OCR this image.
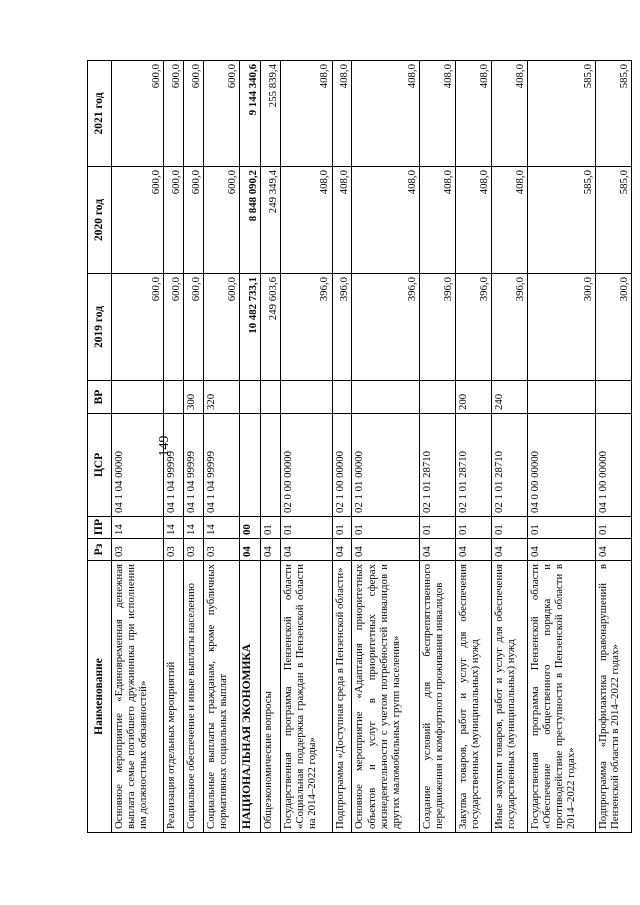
149
Наименование	Рз	ПР	ЦСР	ВР	2019 год	2020 год	2021 год
Основное мероприятие «Единовременная денежная выплата семье погибшего дружинника при исполнении им должностных обязанностей»	03	14	04 1 04 00000		600,0	600,0	600,0
Реализация отдельных мероприятий	03	14	04 1 04 99999		600,0	600,0	600,0
Социальное обеспечение и иные выплаты населению	03	14	04 1 04 99999	300	600,0	600,0	600,0
Социальные выплаты гражданам, кроме публичных нормативных социальных выплат	03	14	04 1 04 99999	320	600,0	600,0	600,0
НАЦИОНАЛЬНАЯ ЭКОНОМИКА	04	00			10 482 733,1	8 848 090,2	9 144 340,6
Общеэкономические вопросы	04	01			249 603,6	249 349,4	255 839,4
Государственная программа Пензенской области «Социальная поддержка граждан в Пензенской области на 2014–2022 годы»	04	01	02 0 00 00000		396,0	408,0	408,0
Подпрограмма «Доступная среда в Пензенской области»	04	01	02 1 00 00000		396,0	408,0	408,0
Основное мероприятие «Адаптация приоритетных объектов и услуг в приоритетных сферах жизнедеятельности с учетом потребностей инвалидов и других маломобильных групп населения»	04	01	02 1 01 00000		396,0	408,0	408,0
Создание условий для беспрепятственного передвижения и комфортного проживания инвалидов	04	01	02 1 01 28710		396,0	408,0	408,0
Закупка товаров, работ и услуг для обеспечения государственных (муниципальных) нужд	04	01	02 1 01 28710	200	396,0	408,0	408,0
Иные закупки товаров, работ и услуг для обеспечения государственных (муниципальных) нужд	04	01	02 1 01 28710	240	396,0	408,0	408,0
Государственная программа Пензенской области «Обеспечение общественного порядка и противодействие преступности в Пензенской области в 2014–2022 годах»	04	01	04 0 00 00000		300,0	585,0	585,0
Подпрограмма «Профилактика правонарушений в Пензенской области в 2014–2022 годах»	04	01	04 1 00 00000		300,0	585,0	585,0
